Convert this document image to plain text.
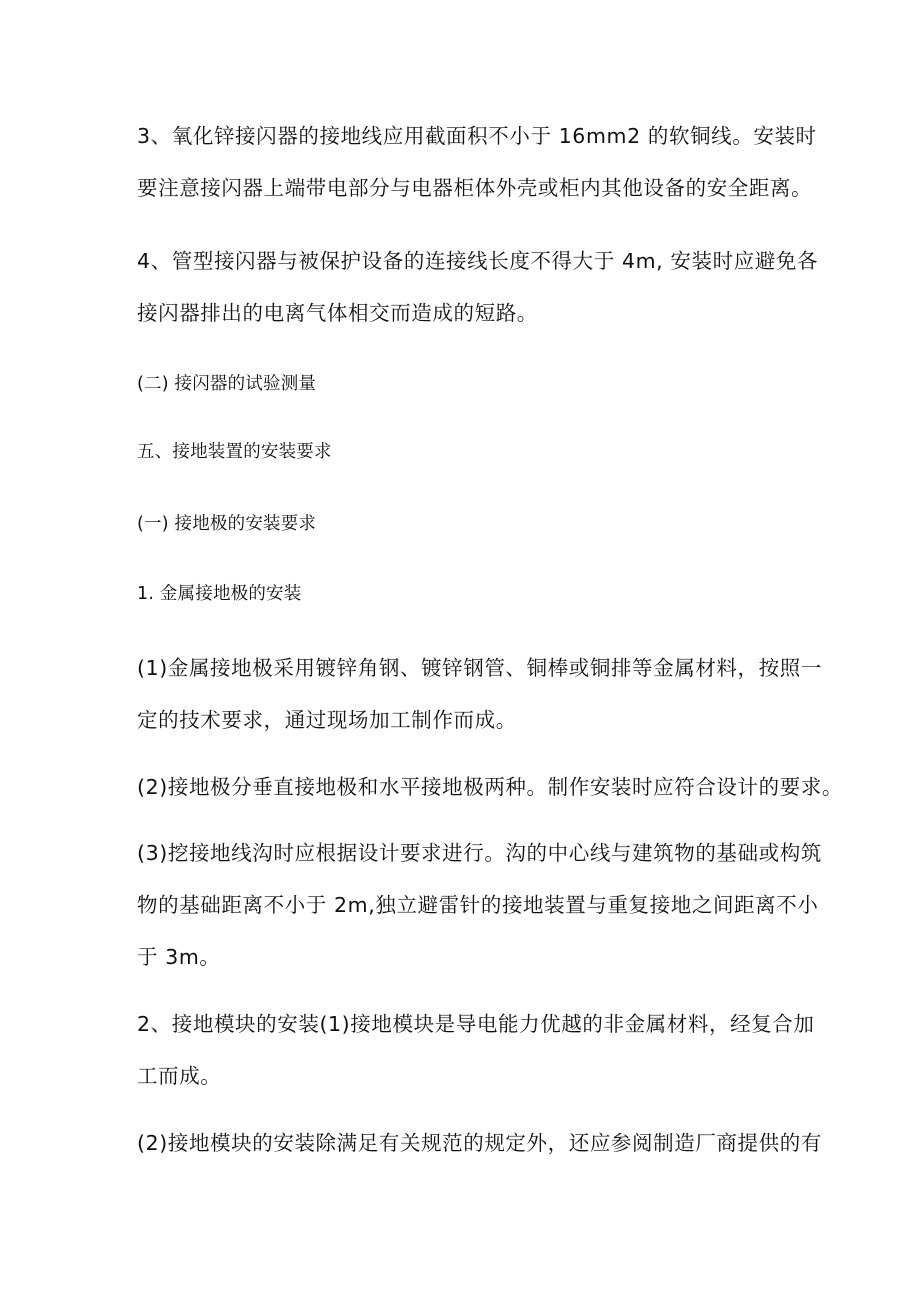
3、氧化锌接闪器的接地线应用截面积不小于 16mm2 的软铜线。安装时
要注意接闪器上端带电部分与电器柜体外壳或柜内其他设备的安全距离。
4、管型接闪器与被保护设备的连接线长度不得大于 4m, 安装时应避免各
接闪器排出的电离气体相交而造成的短路。
(二) 接闪器的试验测量
五、接地装置的安装要求
(一) 接地极的安装要求
1. 金属接地极的安装
(1)金属接地极采用镀锌角钢、镀锌钢管、铜棒或铜排等金属材料，按照一
定的技术要求，通过现场加工制作而成。
(2)接地极分垂直接地极和水平接地极两种。制作安装时应符合设计的要求。
(3)挖接地线沟时应根据设计要求进行。沟的中心线与建筑物的基础或构筑
物的基础距离不小于 2m,独立避雷针的接地装置与重复接地之间距离不小
于 3m。
2、接地模块的安装(1)接地模块是导电能力优越的非金属材料，经复合加
工而成。
(2)接地模块的安装除满足有关规范的规定外，还应参阅制造厂商提供的有
